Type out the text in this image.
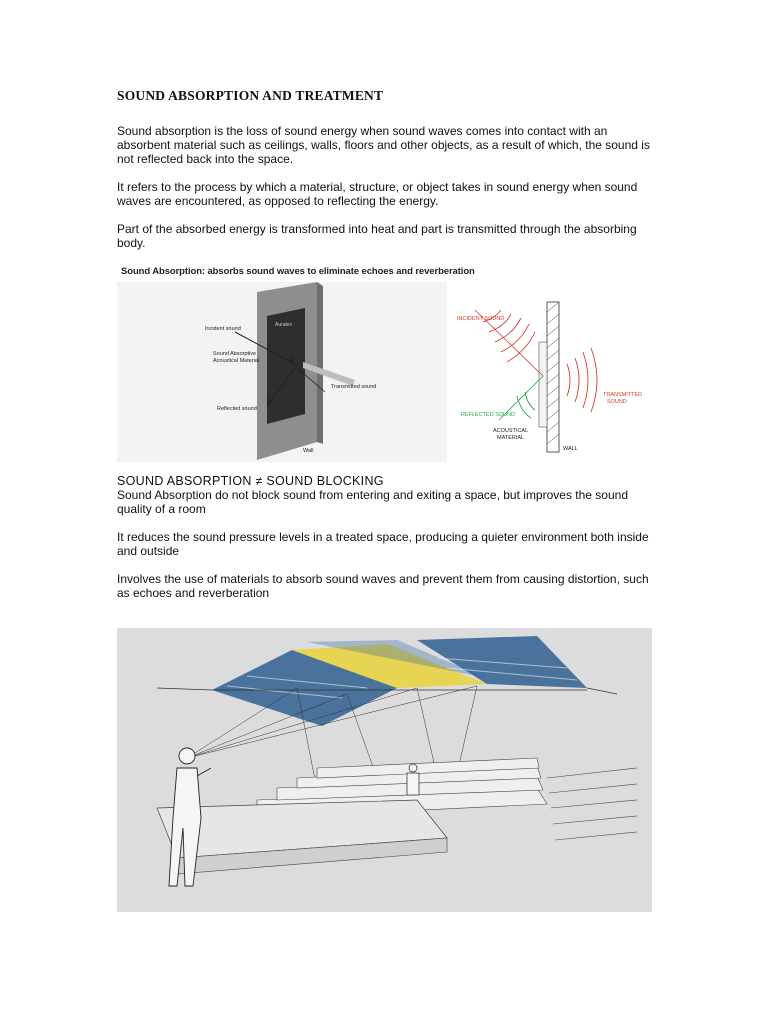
SOUND ABSORPTION AND TREATMENT

Sound absorption is the loss of sound energy when sound waves comes into contact with an absorbent material such as ceilings, walls, floors and other objects, as a result of which, the sound is not reflected back into the space.

It refers to the process by which a material, structure, or object takes in sound energy when sound waves are encountered, as opposed to reflecting the energy.

Part of the absorbed energy is transformed into heat and part is transmitted through the absorbing body.

Sound Absorption: absorbs sound waves to eliminate echoes and reverberation
Auralex
Incident sound
Sound Absorptive
Acoustical Material
Transmitted sound
Reflected sound
Wall
INCIDENT SOUND
TRANSMITTED
SOUND
REFLECTED SOUND
ACOUSTICAL
MATERIAL
WALL
SOUND ABSORPTION ≠ SOUND BLOCKING

Sound Absorption do not block sound from entering and exiting a space, but improves the sound quality of a room

It reduces the sound pressure levels in a treated space, producing a quieter environment both inside and outside

Involves the use of materials to absorb sound waves and prevent them from causing distortion, such as echoes and reverberation
